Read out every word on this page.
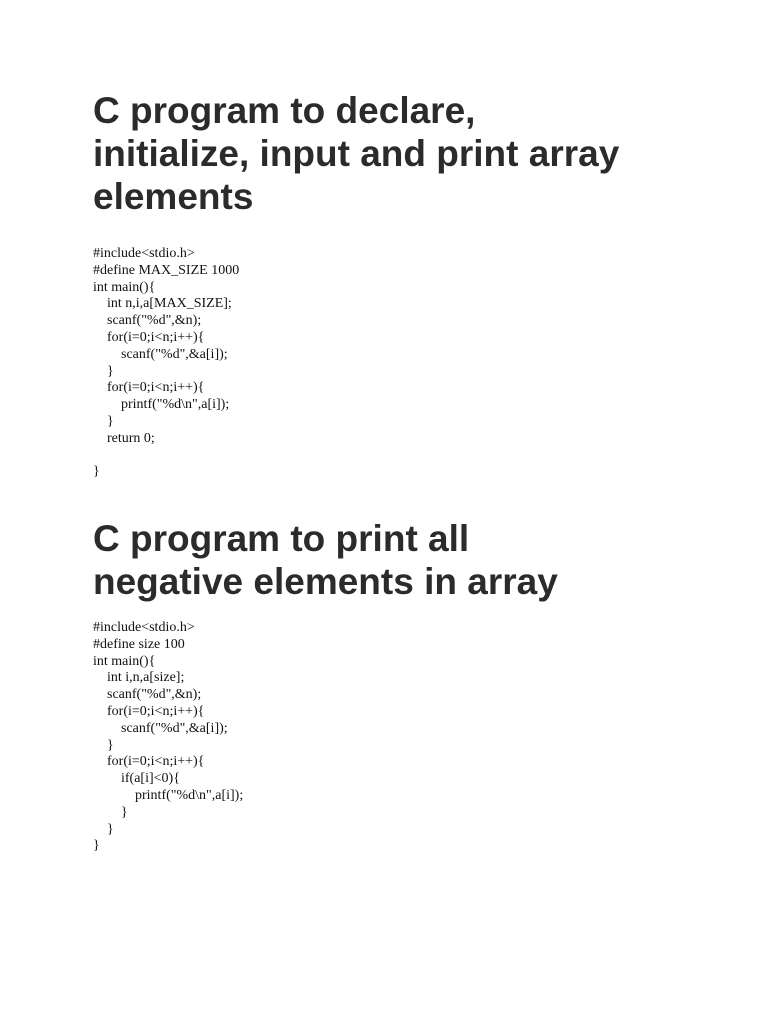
C program to declare,
initialize, input and print array
elements
#include<stdio.h>
#define MAX_SIZE 1000
int main(){
int n,i,a[MAX_SIZE];
scanf("%d",&n);
for(i=0;i<n;i++){
scanf("%d",&a[i]);
}
for(i=0;i<n;i++){
printf("%d\n",a[i]);
}
return 0;
}
C program to print all
negative elements in array
#include<stdio.h>
#define size 100
int main(){
int i,n,a[size];
scanf("%d",&n);
for(i=0;i<n;i++){
scanf("%d",&a[i]);
}
for(i=0;i<n;i++){
if(a[i]<0){
printf("%d\n",a[i]);
}
}
}
